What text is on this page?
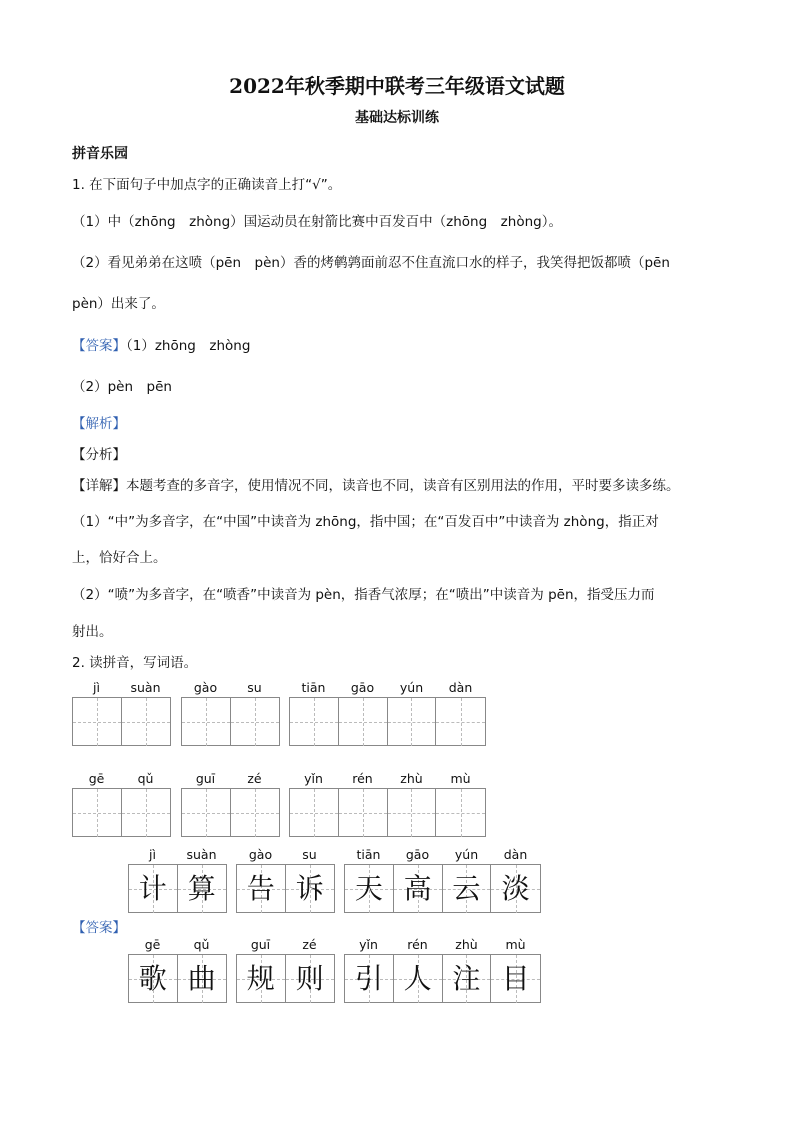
2022年秋季期中联考三年级语文试题
基础达标训练
拼音乐园
1. 在下面句子中加点字的正确读音上打“√”。
（1）中（zhōng　zhòng）国运动员在射箭比赛中百发百中（zhōng　zhòng）。
（2）看见弟弟在这喷（pēn　pèn）香的烤鹌鹑面前忍不住直流口水的样子，我笑得把饭都喷（pēn
pèn）出来了。
【答案】（1）zhōng　zhòng
（2）pèn　pēn
【解析】
【分析】
【详解】本题考查的多音字，使用情况不同，读音也不同，读音有区别用法的作用，平时要多读多练。
（1）“中”为多音字，在“中国”中读音为 zhōng，指中国；在“百发百中”中读音为 zhòng，指正对
上，恰好合上。
（2）“喷”为多音字，在“喷香”中读音为 pèn，指香气浓厚；在“喷出”中读音为 pēn，指受压力而
射出。
2. 读拼音，写词语。
jì	suàn	gào	su	tiān	gāo	yún	dàn
gē	qǔ	guī	zé	yǐn	rén	zhù	mù
【答案】
jì	suàn	gào	su	tiān	gāo	yún	dàn
计 算	告 诉	天 高 云 淡
gē	qǔ	guī	zé	yǐn	rén	zhù	mù
歌 曲	规 则	引 人 注 目
